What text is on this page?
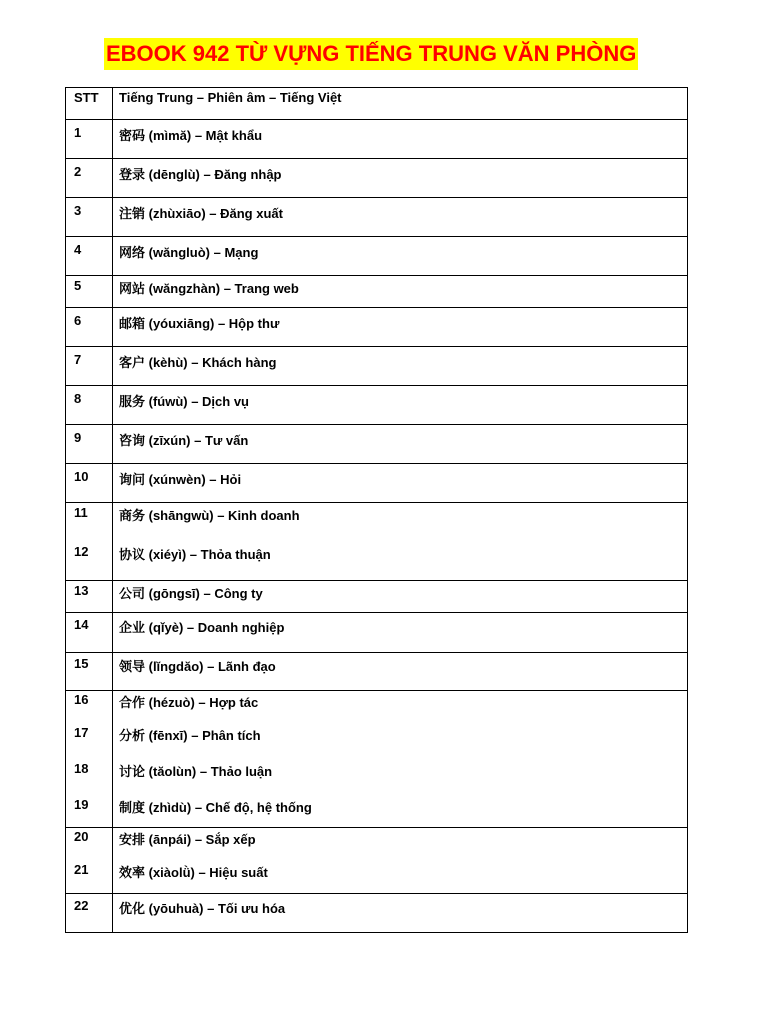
EBOOK 942 TỪ VỰNG TIẾNG TRUNG VĂN PHÒNG
STT Tiếng Trung – Phiên âm – Tiếng Việt
1	密码 (mìmă) – Mật khẩu
2	登录 (dēnglù) – Đăng nhập
3	注销 (zhùxiāo) – Đăng xuất
4	网络 (wăngluò) – Mạng
5	网站 (wăngzhàn) – Trang web
6	邮箱 (yóuxiāng) – Hộp thư
7	客户 (kèhù) – Khách hàng
8	服务 (fúwù) – Dịch vụ
9	咨询 (zīxún) – Tư vấn
10 询问 (xúnwèn) – Hỏi
11 商务 (shāngwù) – Kinh doanh
12 协议 (xiéyì) – Thỏa thuận
13 公司 (gōngsī) – Công ty
14 企业 (qǐyè) – Doanh nghiệp
15 领导 (lĭngdăo) – Lãnh đạo
16 合作 (hézuò) – Hợp tác
17 分析 (fēnxī) – Phân tích
18 讨论 (tăolùn) – Thảo luận
19 制度 (zhìdù) – Chế độ, hệ thống
20 安排 (ānpái) – Sắp xếp
21 效率 (xiàolǜ) – Hiệu suất
22 优化 (yōuhuà) – Tối ưu hóa
